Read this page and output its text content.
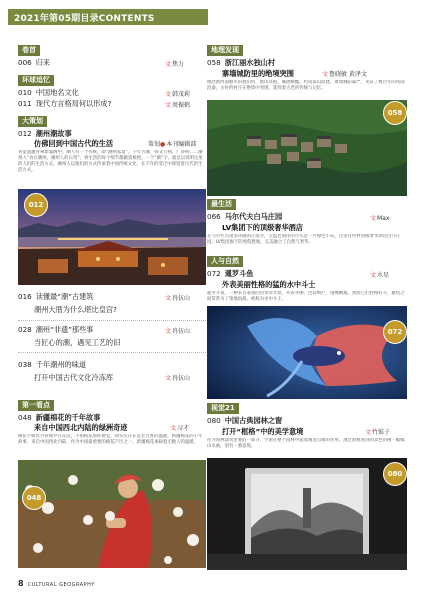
2021年第05期目录CONTENTS
卷首
006 归来	文焦力
环球追忆
010 中国地名文化	文韩茂莉
011 现代方言格局何以形成?	文周振鹤
大策划
012 潮州潮故事
策划●本刊编辑部
仿佛回到中国古代的生活
青篁迤逦青翠影鎏阁中，潮人有一个传统，即“潮州家宴”。千年古城，韩文公祠、广济桥……潮州人“食在潮州，潮州人的日常”，将生活的每个细节都做到极致。一个“潮”字，就足以说明这里的人们的生活方式。潮州人以他们的方式传承着中国传统文化，在千年的变迁中保留着古代的生活方式。
012
016 读懂最“潮”古建筑	文冉伍山
潮州大厝为什么堪比皇宫?
028 潮州“非遗”那些事	文冉伍山
当匠心的潮，遇见工艺的旧
038 千年潮州的味道
文冉伍山
打开中国古代文化冷冻库
第一看点
048 新疆棉花的千年故事
文习才
来自中国西北内陆的绿洲奇迹
棉花不如丝丹帛绫罗在东汉，不如稻花那样便宜，却实实在在是老百姓的温暖，新疆棉花的千年故事，来自中国西北内陆，作为中国最重要的棉花产区之一，新疆棉花承载着无数人的温暖。
048
地理发现
058 浙江丽水独山村
文鲁晓敏 黄泽文
寨墙城防里的绝境突围
地处浙西南丽水的独山村，群山环抱，溪流蜿蜒，村落依山而建，寨墙城防森严，见证了数百年的风雨沧桑，古朴的村庄在绝境中突围，延续着古老的传统与记忆。
058
最生活
066 马尔代夫白马庄园	文Max
LV集团下的顶级奢华酒店
在马尔代夫诸多环礁的正南方，宝蓝色海洋的尽头是一片绿色小岛，这里有世界顶级奢华酒店白马庄园，LV集团旗下的度假胜地，完美融合了自然与奢华。
人与自然
072 暹罗斗鱼	文水星
外表美丽性格的猛的水中斗士
暹罗斗鱼，一种来自泰国的热带淡水鱼，外表华丽，色彩绚烂，尾鳍飘逸，然而它们性格好斗，雄鱼之间常常为了领地而战，被称为水中斗士。
072
视觉21
080 中国古典园林之窗
文竹锥子
打开“框格”中的美学意境
作为园林建筑里要的一部分，空窗在整个园林中起着画龙点睛的作用，透过窗框看到的景色仿佛一幅幅山水画，别有一番意境。
080
8 CULTURAL GEOGRAPHY
